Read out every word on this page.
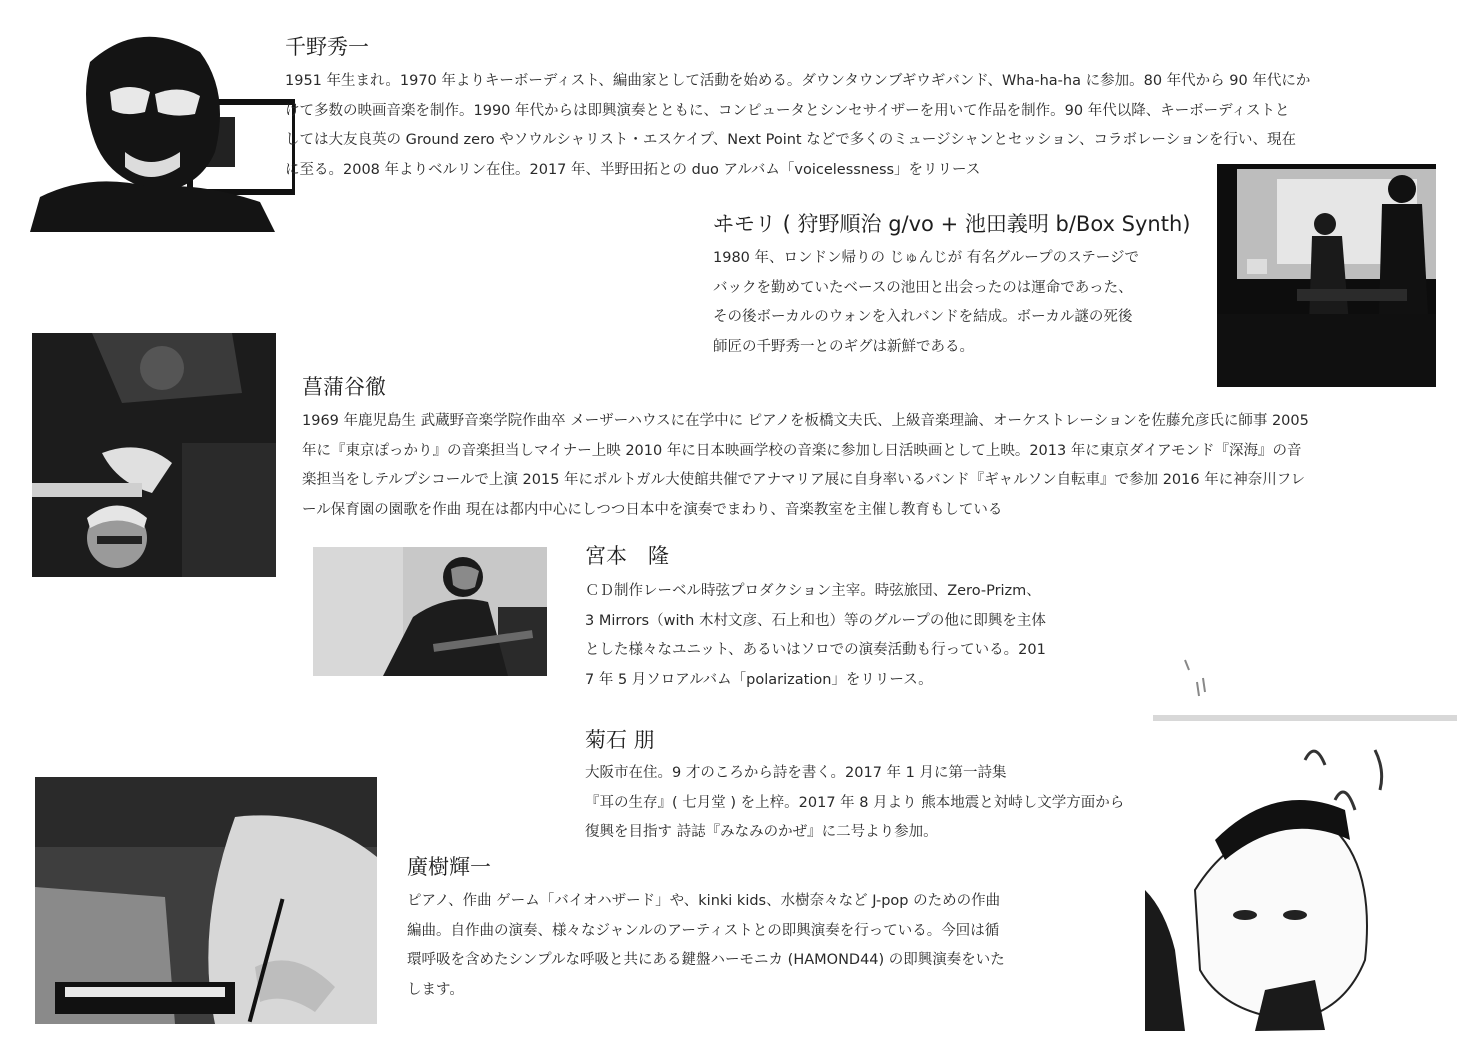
千野秀一

1951 年生まれ。1970 年よりキーボーディスト、編曲家として活動を始める。ダウンタウンブギウギバンド、Wha-ha-ha に参加。80 年代から 90 年代にか
けて多数の映画音楽を制作。1990 年代からは即興演奏とともに、コンピュータとシンセサイザーを用いて作品を制作。90 年代以降、キーボーディストと
しては大友良英の Ground zero やソウルシャリスト・エスケイプ、Next Point などで多くのミュージシャンとセッション、コラボレーションを行い、現在
に至る。2008 年よりベルリン在住。2017 年、半野田拓との duo アルバム「voicelessness」をリリース

ヰモリ ( 狩野順治 g/vo + 池田義明 b/Box Synth)

1980 年、ロンドン帰りの じゅんじが 有名グループのステージで
バックを勤めていたベースの池田と出会ったのは運命であった、
その後ボーカルのウォンを入れバンドを結成。ボーカル謎の死後
師匠の千野秀一とのギグは新鮮である。

菖蒲谷徹

1969 年鹿児島生 武蔵野音楽学院作曲卒 メーザーハウスに在学中に ピアノを板橋文夫氏、上級音楽理論、オーケストレーションを佐藤允彦氏に師事 2005
年に『東京ぽっかり』の音楽担当しマイナー上映 2010 年に日本映画学校の音楽に参加し日活映画として上映。2013 年に東京ダイアモンド『深海』の音
楽担当をしテルプシコールで上演 2015 年にポルトガル大使館共催でアナマリア展に自身率いるバンド『ギャルソン自転車』で参加 2016 年に神奈川フレ
ール保育園の園歌を作曲 現在は都内中心にしつつ日本中を演奏でまわり、音楽教室を主催し教育もしている

宮本　隆

ＣＤ制作レーベル時弦プロダクション主宰。時弦旅団、Zero-Prizm、
3 Mirrors（with 木村文彦、石上和也）等のグループの他に即興を主体
とした様々なユニット、あるいはソロでの演奏活動も行っている。201
7 年 5 月ソロアルバム「polarization」をリリース。

菊石 朋

大阪市在住。9 才のころから詩を書く。2017 年 1 月に第一詩集
『耳の生存』( 七月堂 ) を上梓。2017 年 8 月より 熊本地震と対峙し文学方面から
復興を目指す 詩誌『みなみのかぜ』に二号より参加。

廣樹輝一

ピアノ、作曲 ゲーム「バイオハザード」や、kinki kids、水樹奈々など J-pop のための作曲
編曲。自作曲の演奏、様々なジャンルのアーティストとの即興演奏を行っている。今回は循
環呼吸を含めたシンプルな呼吸と共にある鍵盤ハーモニカ (HAMOND44) の即興演奏をいた
します。
